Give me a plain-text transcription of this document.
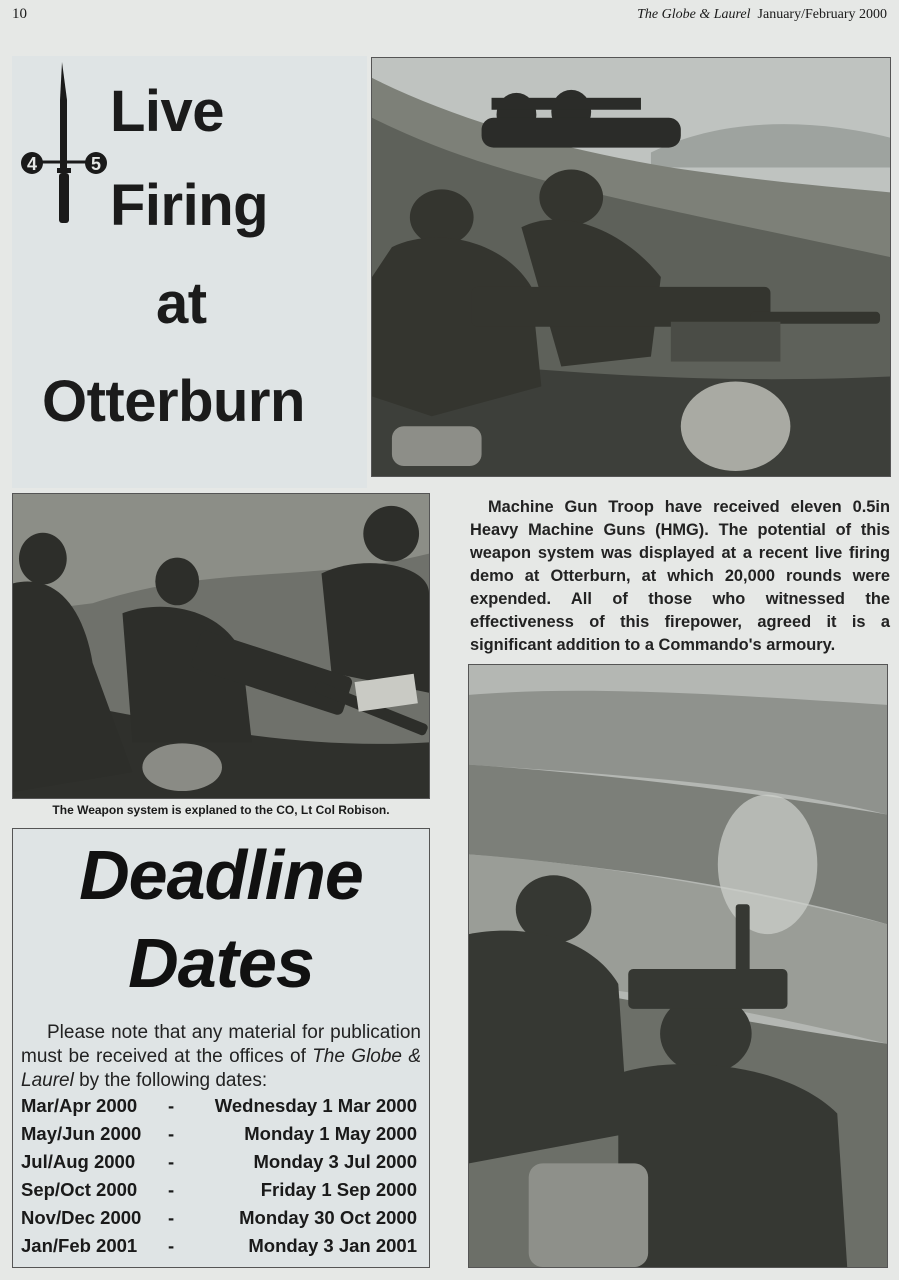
10	The Globe & Laurel January/February 2000
4	5
Live
Firing
at
Otterburn
The Weapon system is explaned to the CO, Lt Col Robison.
Machine Gun Troop have received eleven 0.5in Heavy Machine Guns (HMG). The potential of this weapon system was displayed at a recent live firing demo at Otterburn, at which 20,000 rounds were expended. All of those who witnessed the effectiveness of this firepower, agreed it is a significant addition to a Commando's armoury.
Deadline
Dates
Please note that any material for publication must be received at the offices of The Globe & Laurel by the following dates:
Mar/Apr 2000 - Wednesday 1 Mar 2000
May/Jun 2000 -	Monday 1 May 2000
Jul/Aug 2000 -	Monday 3 Jul 2000
Sep/Oct 2000 -	Friday 1 Sep 2000
Nov/Dec 2000 -	Monday 30 Oct 2000
Jan/Feb 2001 -	Monday 3 Jan 2001
